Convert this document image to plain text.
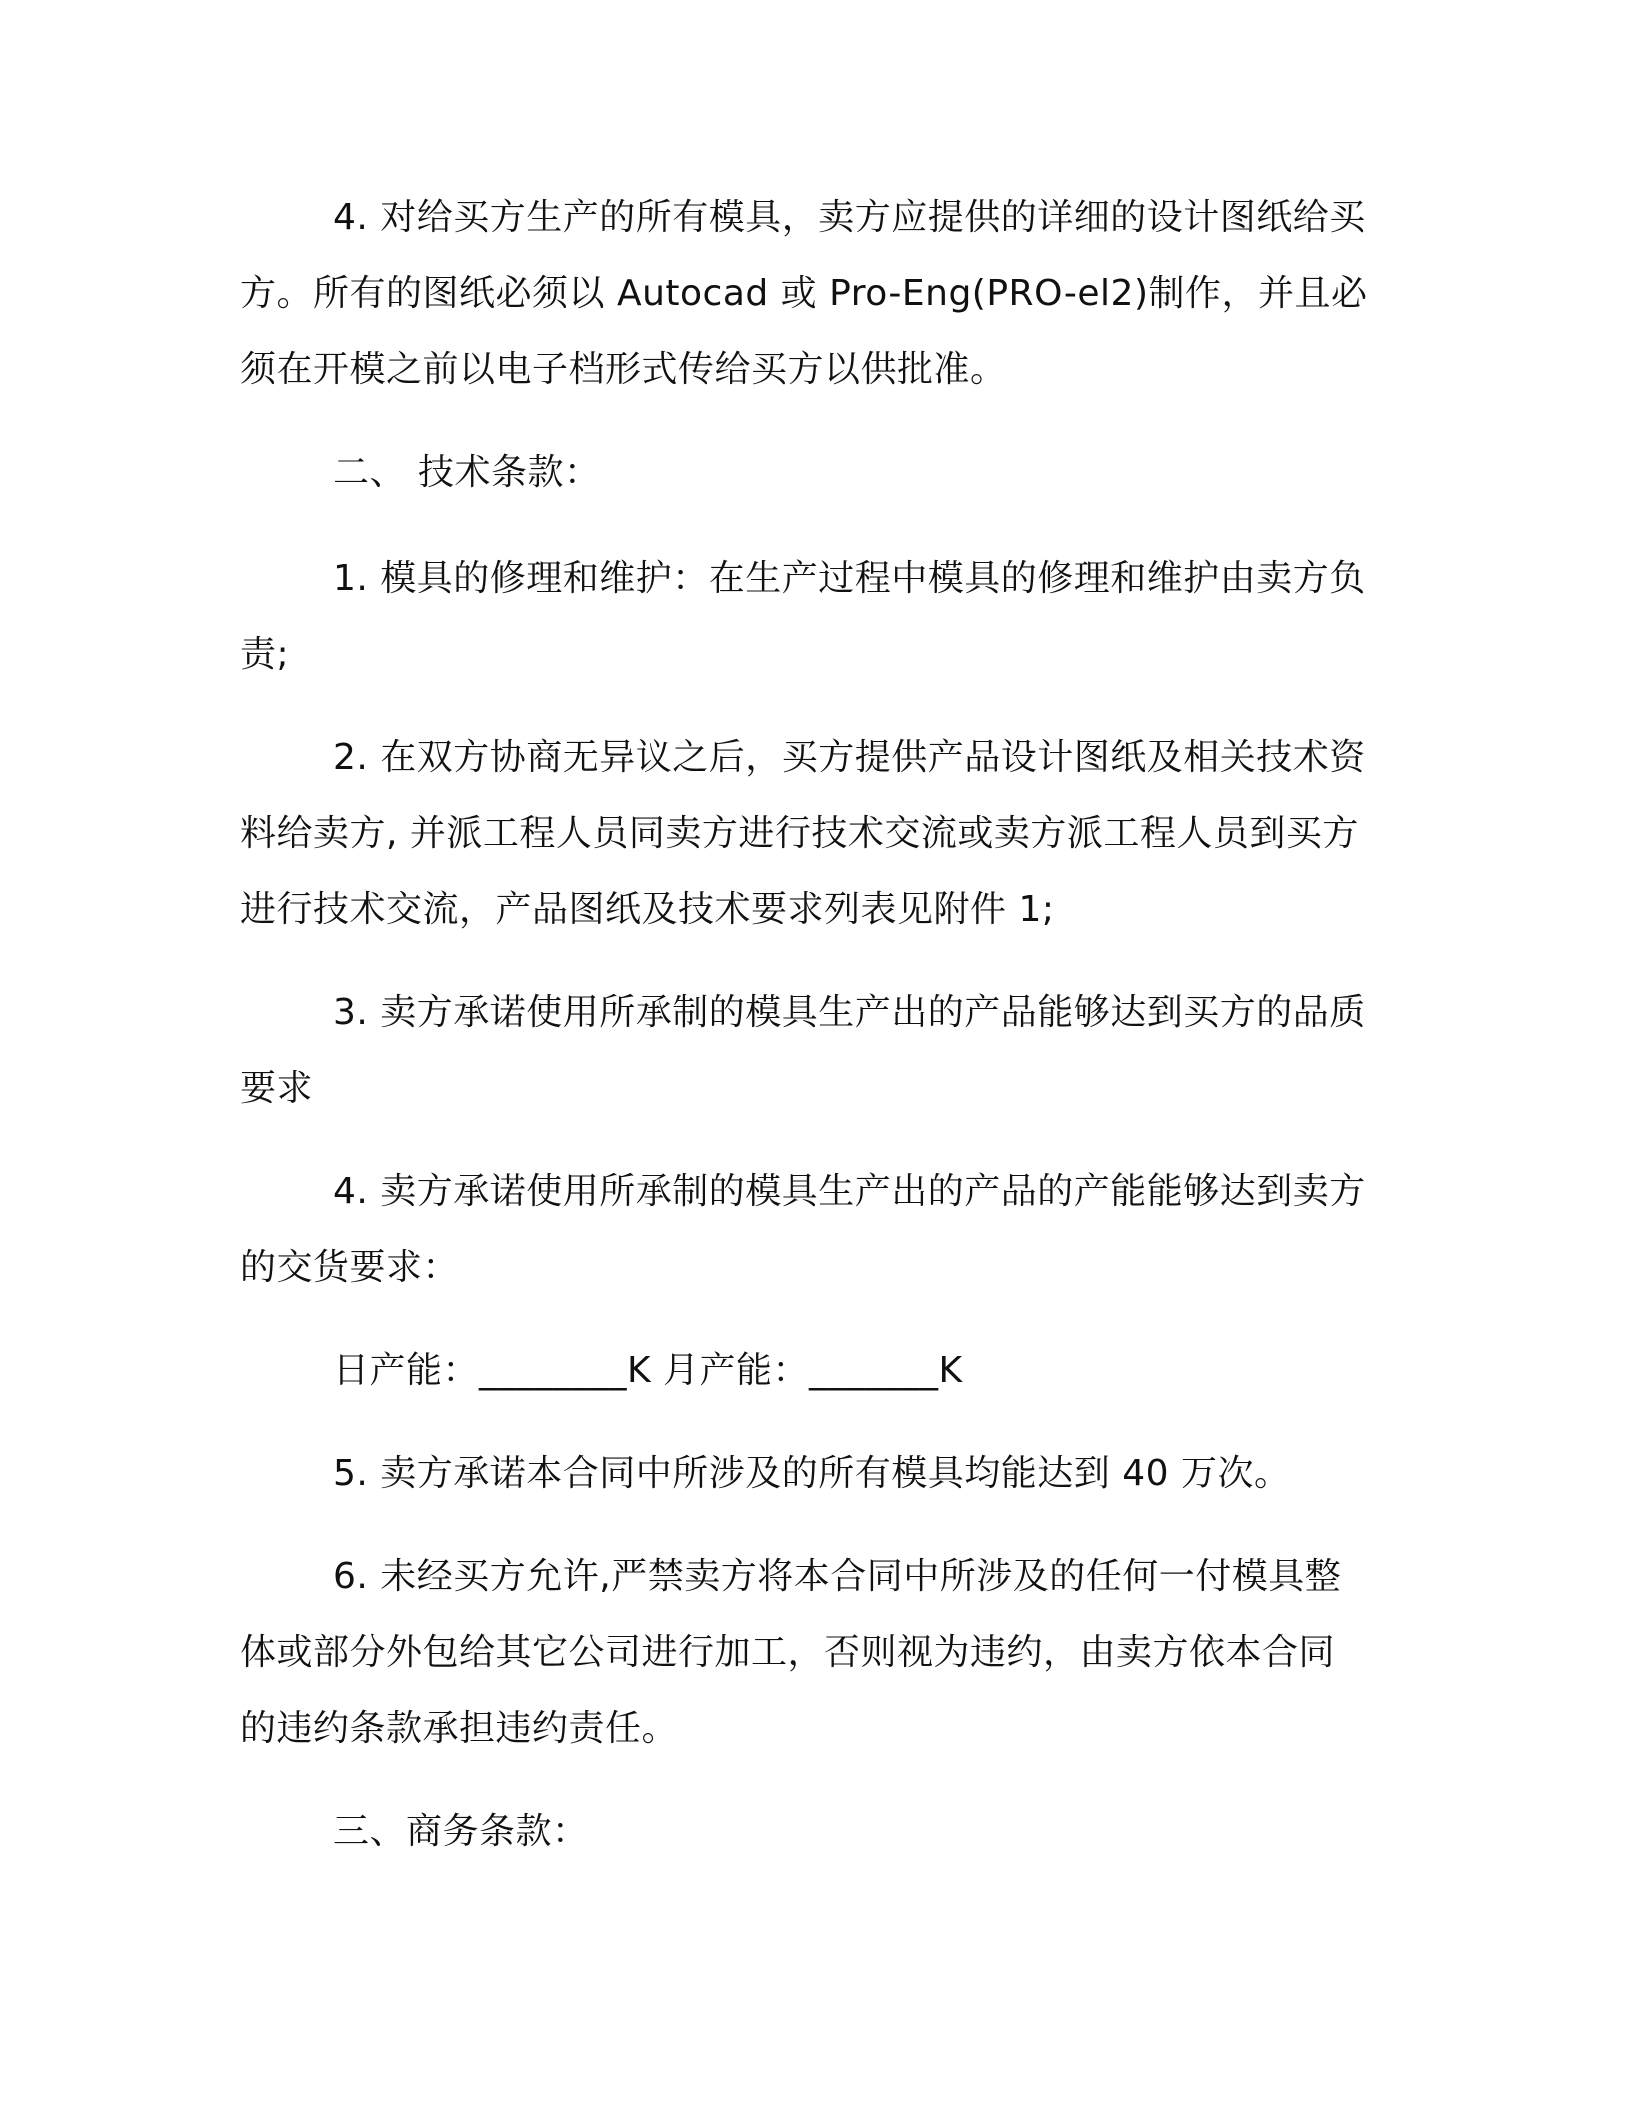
4. 对给买方生产的所有模具，卖方应提供的详细的设计图纸给买

方。所有的图纸必须以 Autocad 或 Pro-Eng(PRO-el2)制作，并且必

须在开模之前以电子档形式传给买方以供批准。

二、 技术条款：

1. 模具的修理和维护：在生产过程中模具的修理和维护由卖方负

责;

2. 在双方协商无异议之后，买方提供产品设计图纸及相关技术资

料给卖方, 并派工程人员同卖方进行技术交流或卖方派工程人员到买方

进行技术交流，产品图纸及技术要求列表见附件 1;

3. 卖方承诺使用所承制的模具生产出的产品能够达到买方的品质

要求

4. 卖方承诺使用所承制的模具生产出的产品的产能能够达到卖方

的交货要求：

日产能：________K 月产能：_______K

5. 卖方承诺本合同中所涉及的所有模具均能达到 40 万次。

6. 未经买方允许,严禁卖方将本合同中所涉及的任何一付模具整

体或部分外包给其它公司进行加工，否则视为违约，由卖方依本合同

的违约条款承担违约责任。

三、商务条款：
